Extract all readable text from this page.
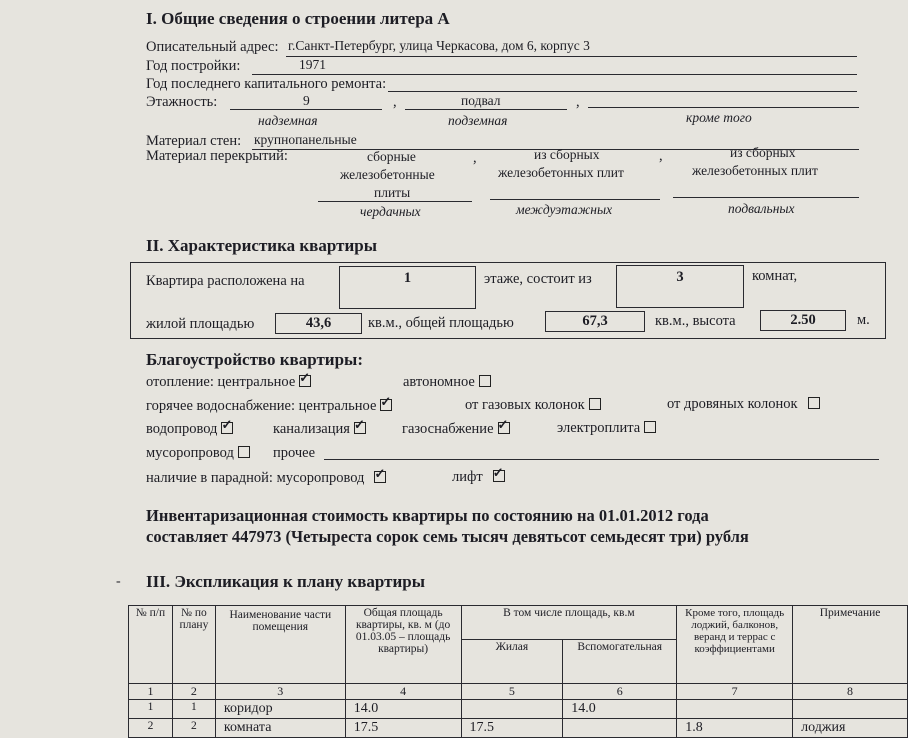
I. Общие сведения о строении литера А
Описательный адрес: г.Санкт-Петербург, улица Черкасова, дом 6, корпус 3
Год постройки:	1971
Год последнего капитального ремонта:
Этажность:	9	,	подвал	,
надземная	подземная	кроме того
Материал стен: крупнопанельные
Материал перекрытий:	сборные
железобетонные
плиты
,	из сборных
железобетонных плит
,	из сборных
железобетонных плит
чердачных	междуэтажных	подвальных
II. Характеристика квартиры
Квартира расположена на	1	этаже, состоит из	3	комнат,
жилой площадью	43,6	кв.м., общей площадью	67,3	кв.м., высота	2.50	м.
Благоустройство квартиры:
отопление: центральное ✓	автономное
горячее водоснабжение: центральное ✓	от газовых колонок	от дровяных колонок
водопровод ✓	канализация ✓	газоснабжение ✓	электроплита
мусоропровод	прочее
наличие в парадной: мусоропровод ✓	лифт✓
Инвентаризационная стоимость квартиры по состоянию на 01.01.2012 года
составляет 447973 (Четыреста сорок семь тысяч девятьсот семьдесят три) рубля
- III. Экспликация к плану квартиры
№ п/п	№ по плану	Наименование части помещения	Общая площадь квартиры, кв. м (до 01.03.05 – площадь квартиры)	В том числе площадь, кв.м		Кроме того, площадь лоджий, балконов, веранд и террас с коэффициентами	Примечание
				Жилая	Вспомогательная		
1	2	3	4	5	6	7	8
1	1	коридор	14.0		14.0		
2	2	комната	17.5	17.5		1.8	лоджия
